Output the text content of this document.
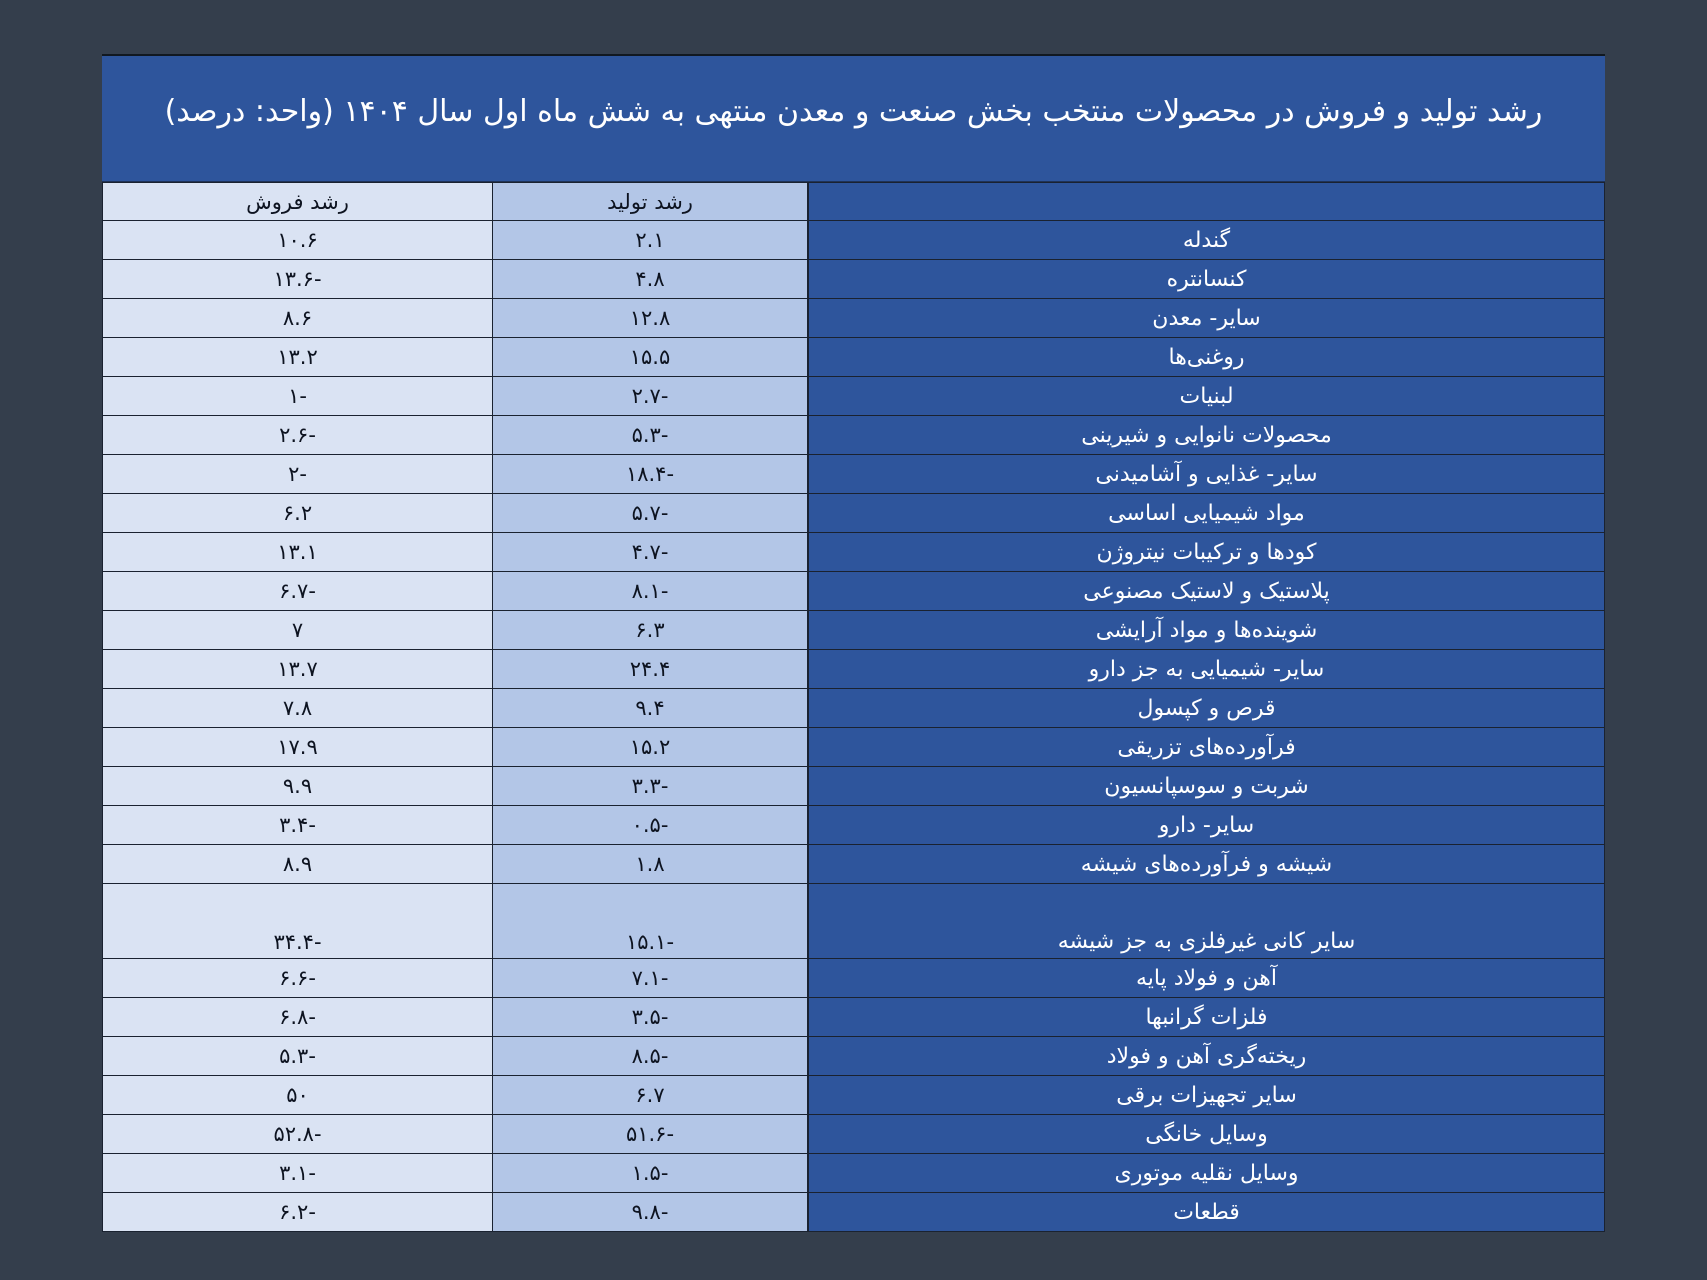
رشد تولید و فروش در محصولات منتخب بخش صنعت و معدن منتهی به شش ماه اول سال ۱۴۰۴ (واحد: درصد)
رشد تولید
رشد فروش
گندله
۲.۱
۱۰.۶
کنسانتره
۴.۸
-۱۳.۶
سایر- معدن
۱۲.۸
۸.۶
روغنی‌ها
۱۵.۵
۱۳.۲
لبنیات
-۲.۷
-۱
محصولات نانوایی و شیرینی
-۵.۳
-۲.۶
سایر- غذایی و آشامیدنی
-۱۸.۴
-۲
مواد شیمیایی اساسی
-۵.۷
۶.۲
کودها و ترکیبات نیتروژن
-۴.۷
۱۳.۱
پلاستیک و لاستیک مصنوعی
-۸.۱
-۶.۷
شوینده‌ها و مواد آرایشی
۶.۳
۷
سایر- شیمیایی به جز دارو
۲۴.۴
۱۳.۷
قرص و کپسول
۹.۴
۷.۸
فرآورده‌های تزریقی
۱۵.۲
۱۷.۹
شربت و سوسپانسیون
-۳.۳
۹.۹
سایر- دارو
-۰.۵
-۳.۴
شیشه و فرآورده‌های شیشه
۱.۸
۸.۹
سایر کانی غیرفلزی به جز شیشه
-۱۵.۱
-۳۴.۴
آهن و فولاد پایه
-۷.۱
-۶.۶
فلزات گرانبها
-۳.۵
-۶.۸
ریخته‌گری آهن و فولاد
-۸.۵
-۵.۳
سایر تجهیزات برقی
۶.۷
۵۰
وسایل خانگی
-۵۱.۶
-۵۲.۸
وسایل نقلیه موتوری
-۱.۵
-۳.۱
قطعات
-۹.۸
-۶.۲
